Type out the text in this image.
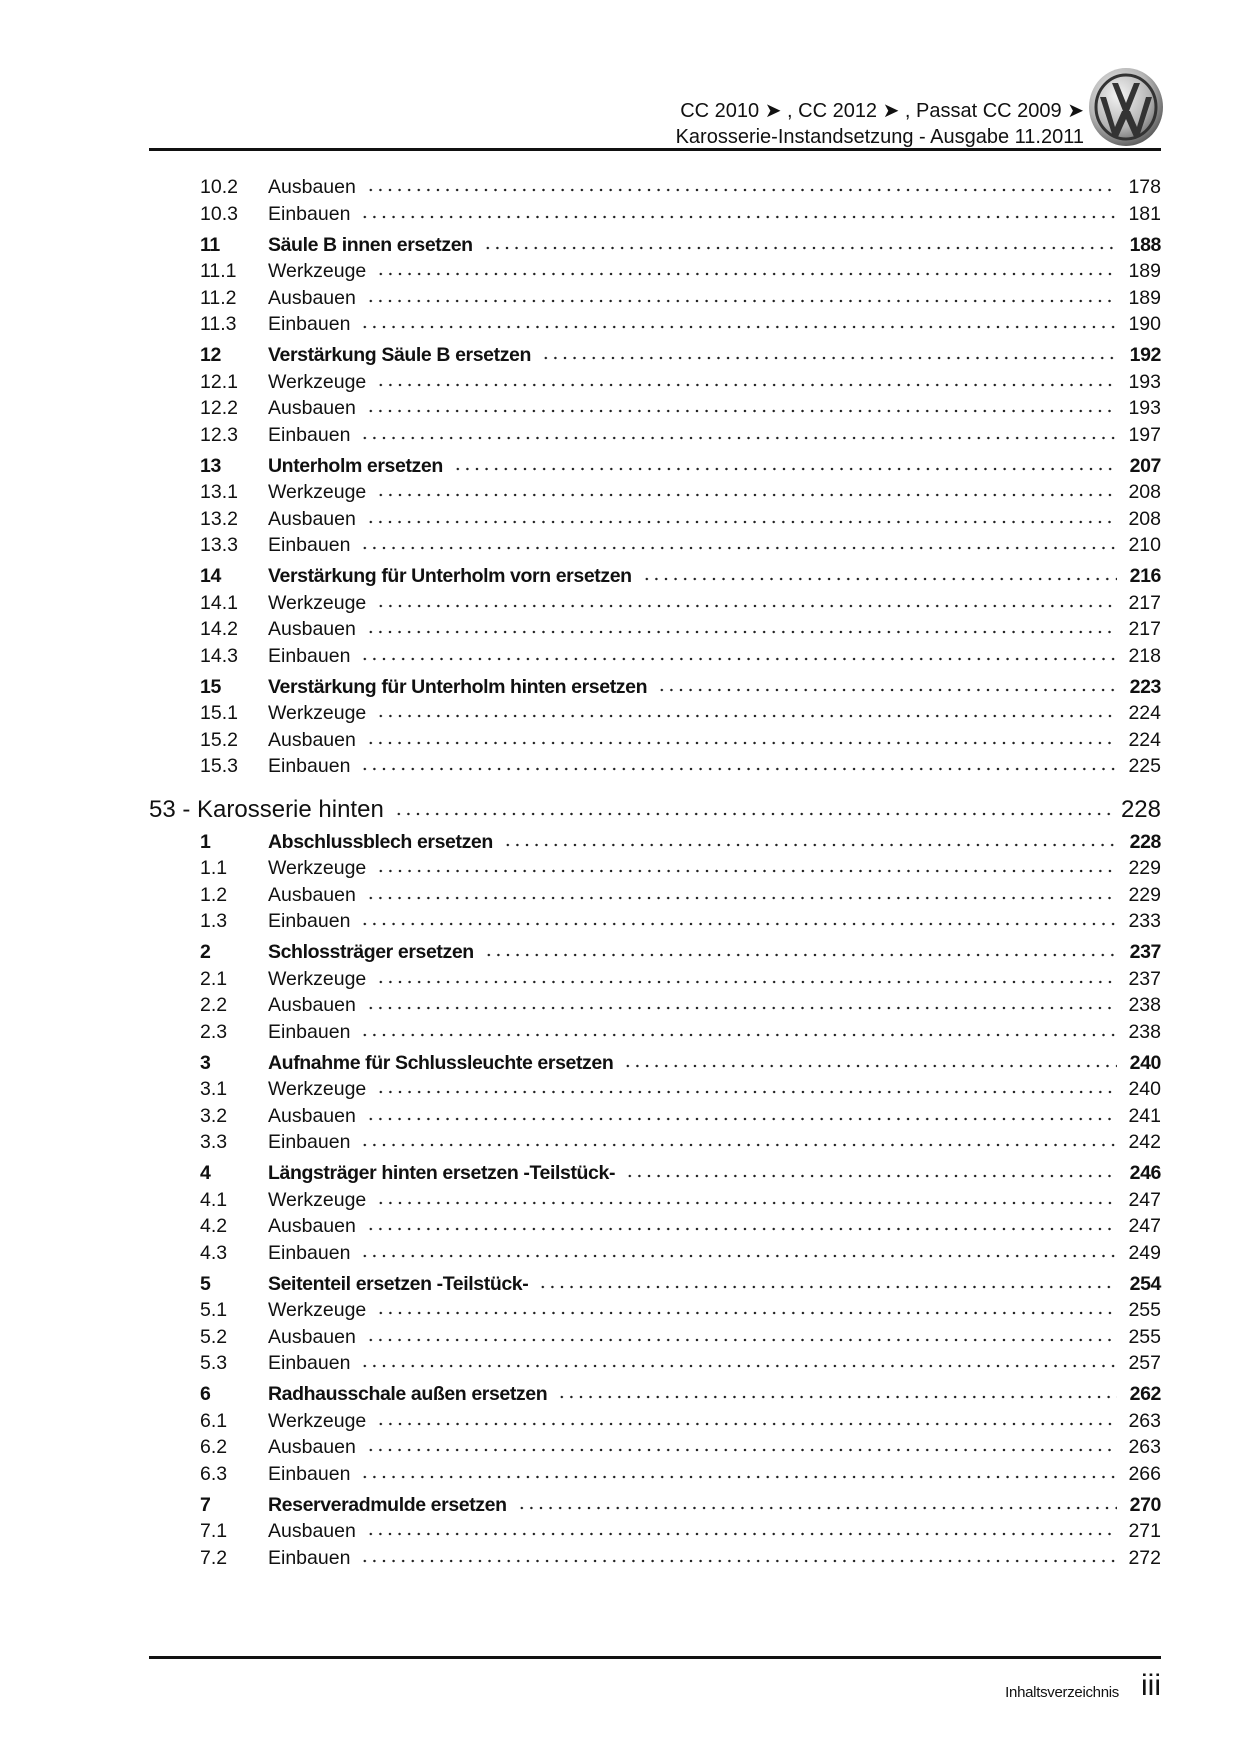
CC 2010 ➤ , CC 2012 ➤ , Passat CC 2009 ➤
Karosserie-Instandsetzung - Ausgabe 11.2011
10.2	Ausbauen	178
10.3	Einbauen	181
11	Säule B innen ersetzen	188
11.1	Werkzeuge	189
11.2	Ausbauen	189
11.3	Einbauen	190
12	Verstärkung Säule B ersetzen	192
12.1	Werkzeuge	193
12.2	Ausbauen	193
12.3	Einbauen	197
13	Unterholm ersetzen	207
13.1	Werkzeuge	208
13.2	Ausbauen	208
13.3	Einbauen	210
14	Verstärkung für Unterholm vorn ersetzen	216
14.1	Werkzeuge	217
14.2	Ausbauen	217
14.3	Einbauen	218
15	Verstärkung für Unterholm hinten ersetzen	223
15.1	Werkzeuge	224
15.2	Ausbauen	224
15.3	Einbauen	225
53 - Karosserie hinten	228
1	Abschlussblech ersetzen	228
1.1	Werkzeuge	229
1.2	Ausbauen	229
1.3	Einbauen	233
2	Schlossträger ersetzen	237
2.1	Werkzeuge	237
2.2	Ausbauen	238
2.3	Einbauen	238
3	Aufnahme für Schlussleuchte ersetzen	240
3.1	Werkzeuge	240
3.2	Ausbauen	241
3.3	Einbauen	242
4	Längsträger hinten ersetzen -Teilstück-	246
4.1	Werkzeuge	247
4.2	Ausbauen	247
4.3	Einbauen	249
5	Seitenteil ersetzen -Teilstück-	254
5.1	Werkzeuge	255
5.2	Ausbauen	255
5.3	Einbauen	257
6	Radhausschale außen ersetzen	262
6.1	Werkzeuge	263
6.2	Ausbauen	263
6.3	Einbauen	266
7	Reserveradmulde ersetzen	270
7.1	Ausbauen	271
7.2	Einbauen	272
Inhaltsverzeichnis iii
